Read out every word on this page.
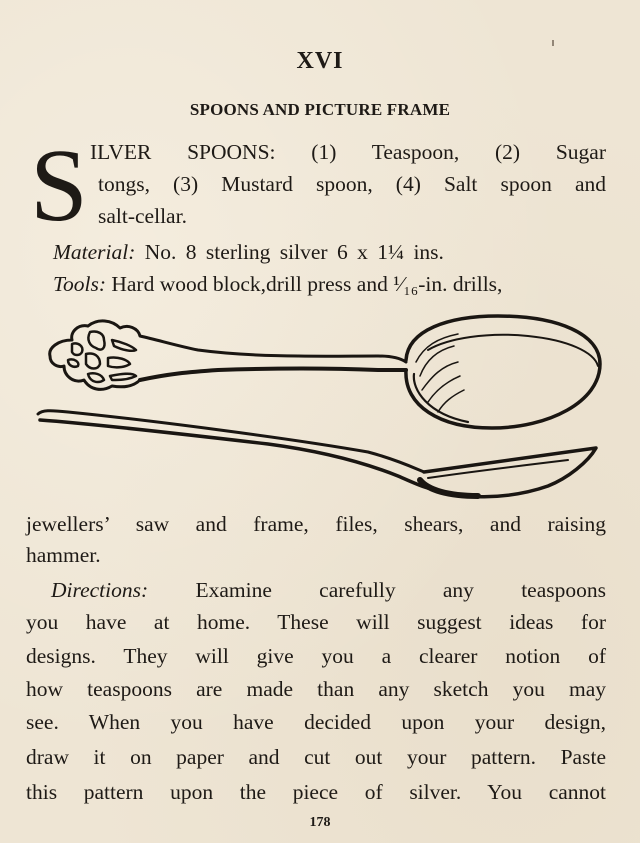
XVI
SPOONS AND PICTURE FRAME
S ILVER SPOONS: (1) Teaspoon, (2) Sugar
tongs, (3) Mustard spoon, (4) Salt spoon and
salt-cellar.
Material: No. 8 sterling silver 6 x 1¼ ins.
Tools: Hard wood block,drill press and ¹⁄₁₆-in. drills,
jewellers’ saw and frame, files, shears, and raising
hammer.
Directions: Examine carefully any teaspoons
you have at home. These will suggest ideas for
designs. They will give you a clearer notion of
how teaspoons are made than any sketch you may
see. When you have decided upon your design,
draw it on paper and cut out your pattern. Paste
this pattern upon the piece of silver. You cannot
178
